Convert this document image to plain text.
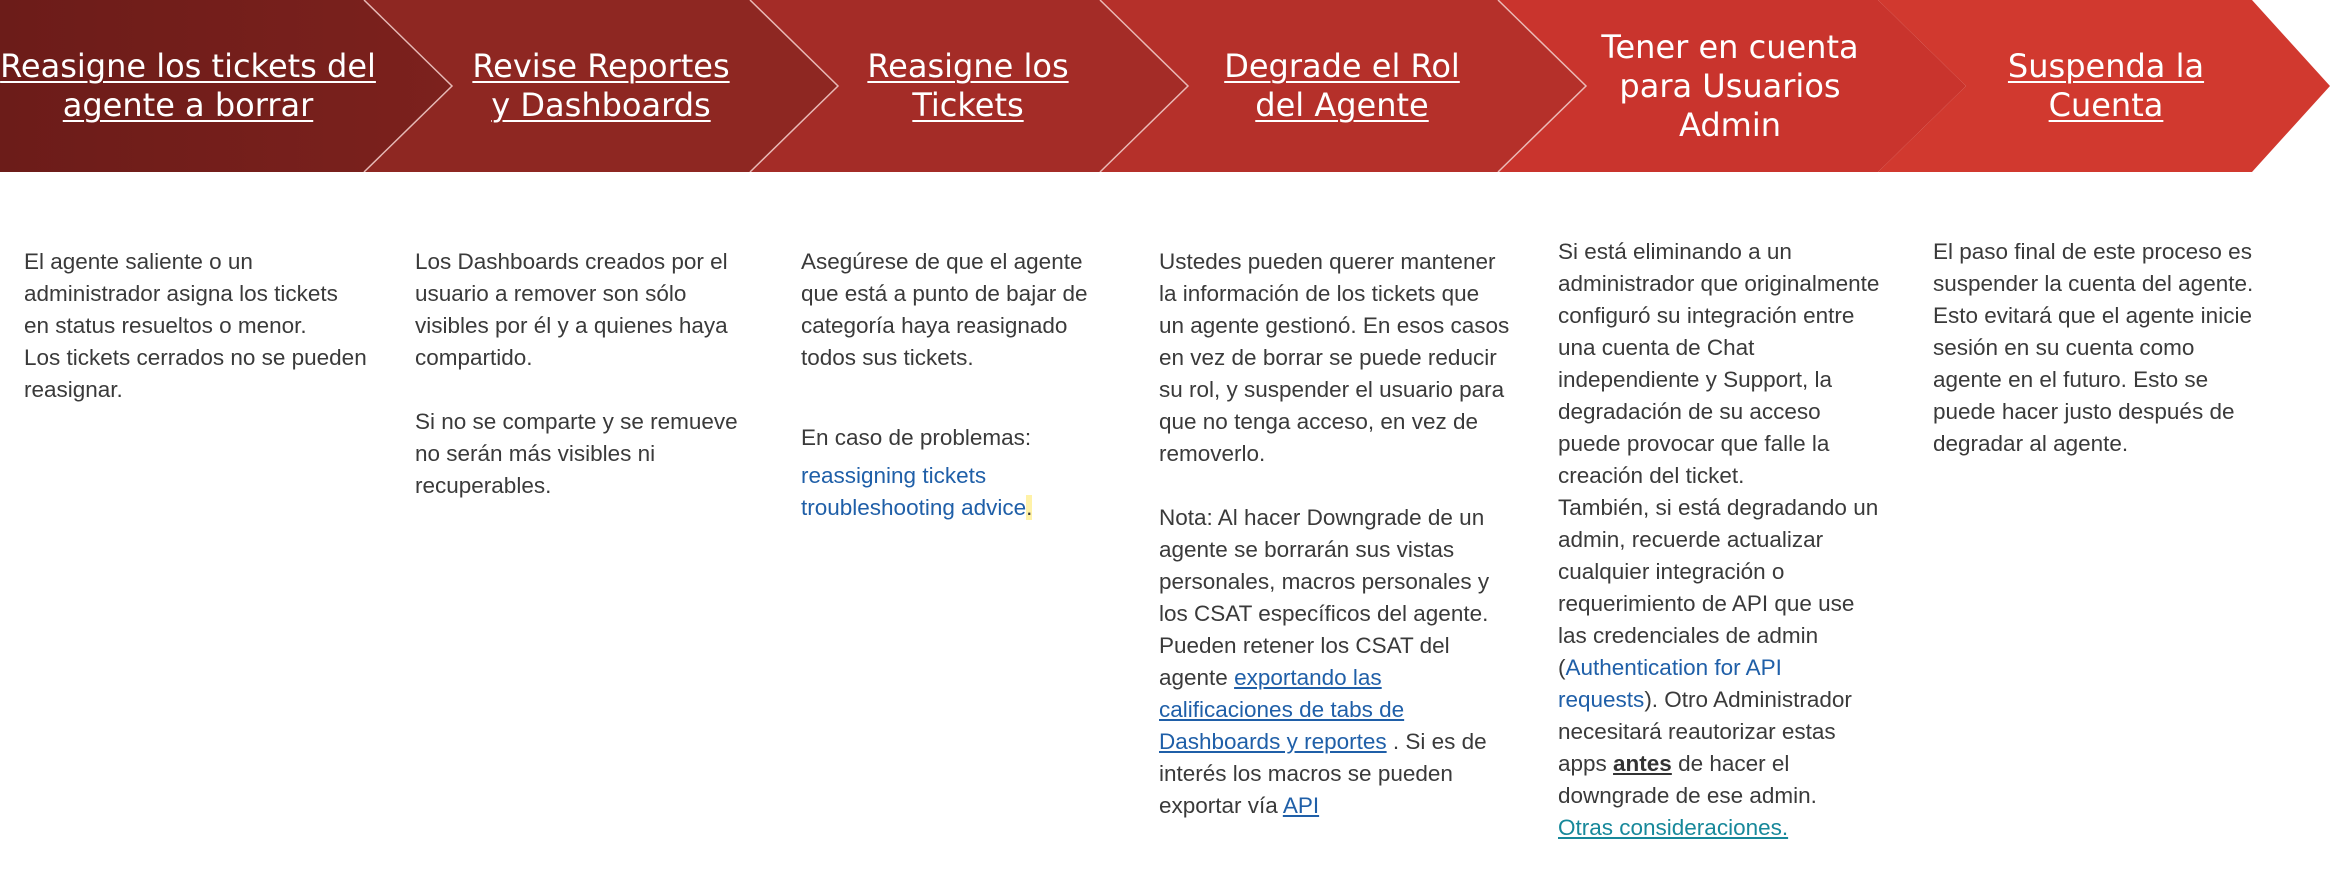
Reasigne los tickets del
agente a borrar
Revise Reportes
y Dashboards
Reasigne los
Tickets
Degrade el Rol
del Agente
Tener en cuenta
para Usuarios
Admin
Suspenda la
Cuenta

El agente saliente o un
administrador asigna los tickets
en status resueltos o menor.
Los tickets cerrados no se pueden
reasignar.

Los Dashboards creados por el
usuario a remover son sólo
visibles por él y a quienes haya
compartido.

Si no se comparte y se remueve
no serán más visibles ni
recuperables.

Asegúrese de que el agente
que está a punto de bajar de
categoría haya reasignado
todos sus tickets.

En caso de problemas:

reassigning tickets
troubleshooting advice.

Ustedes pueden querer mantener
la información de los tickets que
un agente gestionó. En esos casos
en vez de borrar se puede reducir
su rol, y suspender el usuario para
que no tenga acceso, en vez de
removerlo.

Nota: Al hacer Downgrade de un
agente se borrarán sus vistas
personales, macros personales y
los CSAT específicos del agente.
Pueden retener los CSAT del
agente exportando las
calificaciones de tabs de
Dashboards y reportes . Si es de
interés los macros se pueden
exportar vía API

Si está eliminando a un
administrador que originalmente
configuró su integración entre
una cuenta de Chat
independiente y Support, la
degradación de su acceso
puede provocar que falle la
creación del ticket.
También, si está degradando un
admin, recuerde actualizar
cualquier integración o
requerimiento de API que use
las credenciales de admin
(Authentication for API
requests). Otro Administrador
necesitará reautorizar estas
apps antes de hacer el
downgrade de ese admin.
Otras consideraciones.

El paso final de este proceso es
suspender la cuenta del agente.
Esto evitará que el agente inicie
sesión en su cuenta como
agente en el futuro. Esto se
puede hacer justo después de
degradar al agente.
